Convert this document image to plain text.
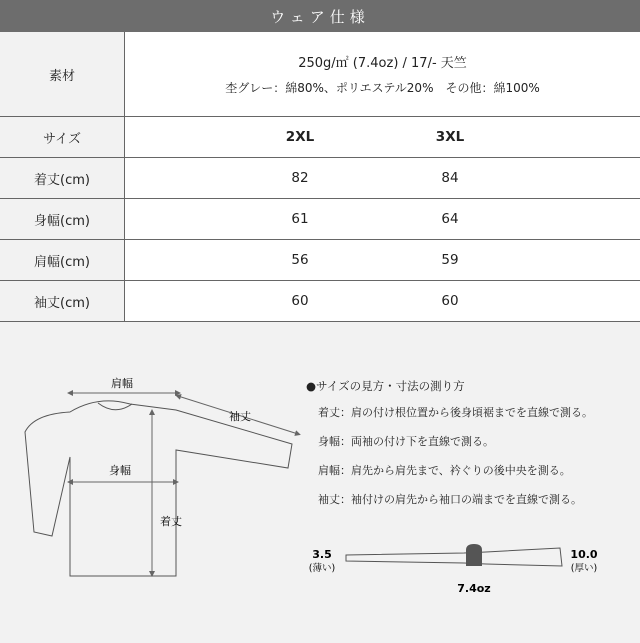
ウェア仕様
素材	250g/㎡ (7.4oz) / 17/- 天竺
杢グレー：綿80%、ポリエステル20%　その他：綿100%

サイズ	2XL 3XL

着丈(cm)	82 84

身幅(cm)	61 64

肩幅(cm)	56 59

袖丈(cm)	60 60
肩幅
袖丈
身幅
着丈
3.5
(薄い)
10.0
(厚い)
7.4oz
●サイズの見方・寸法の測り方
着丈：肩の付け根位置から後身頃裾までを直線で測る。
身幅：両袖の付け下を直線で測る。
肩幅：肩先から肩先まで、衿ぐりの後中央を測る。
袖丈：袖付けの肩先から袖口の端までを直線で測る。
